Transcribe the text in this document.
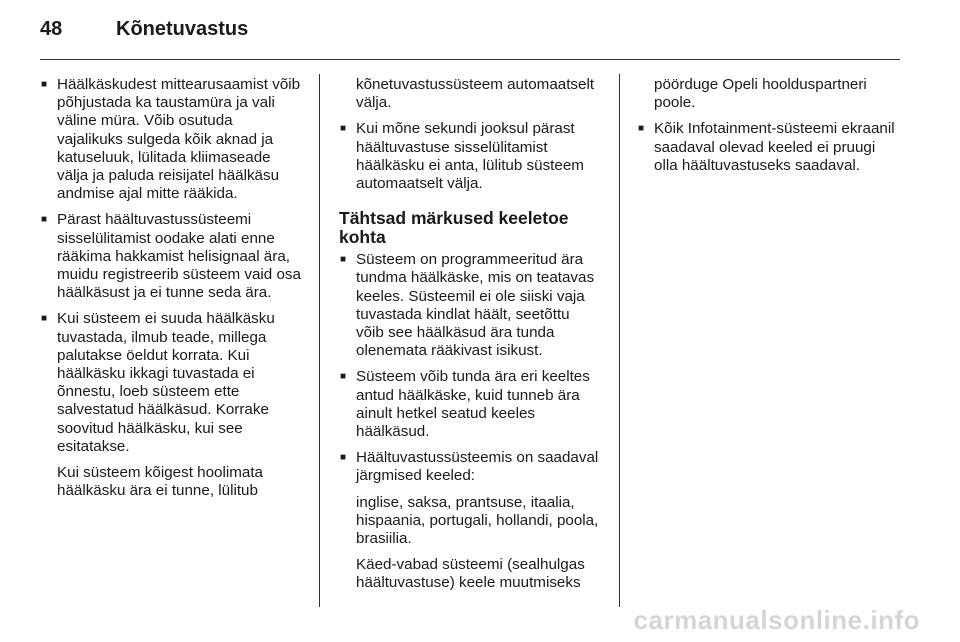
48	Kõnetuvastus

■ Häälkäskudest mittearusaamist võib põhjustada ka taustamüra ja vali väline müra. Võib osutuda vajalikuks sulgeda kõik aknad ja katuseluuk, lülitada kliimaseade välja ja paluda reisijatel häälkäsu andmise ajal mitte rääkida.

■ Pärast häältuvastussüsteemi sisselülitamist oodake alati enne rääkima hakkamist helisignaal ära, muidu registreerib süsteem vaid osa häälkäsust ja ei tunne seda ära.

■ Kui süsteem ei suuda häälkäsku tuvastada, ilmub teade, millega palutakse öeldut korrata. Kui häälkäsku ikkagi tuvastada ei õnnestu, loeb süsteem ette salvestatud häälkäsud. Korrake soovitud häälkäsku, kui see esitatakse.

Kui süsteem kõigest hoolimata häälkäsku ära ei tunne, lülitub

kõnetuvastussüsteem automaatselt välja.

■ Kui mõne sekundi jooksul pärast häältuvastuse sisselülitamist häälkäsku ei anta, lülitub süsteem automaatselt välja.

Tähtsad märkused keeletoe kohta

■ Süsteem on programmeeritud ära tundma häälkäske, mis on teatavas keeles. Süsteemil ei ole siiski vaja tuvastada kindlat häält, seetõttu võib see häälkäsud ära tunda olenemata rääkivast isikust.

■ Süsteem võib tunda ära eri keeltes antud häälkäske, kuid tunneb ära ainult hetkel seatud keeles häälkäsud.

■ Häältuvastussüsteemis on saadaval järgmised keeled:

inglise, saksa, prantsuse, itaalia, hispaania, portugali, hollandi, poola, brasiilia.

Käed-vabad süsteemi (sealhulgas häältuvastuse) keele muutmiseks

pöörduge Opeli hoolduspartneri poole.

■ Kõik Infotainment-süsteemi ekraanil saadaval olevad keeled ei pruugi olla häältuvastuseks saadaval.

carmanualsonline.info
